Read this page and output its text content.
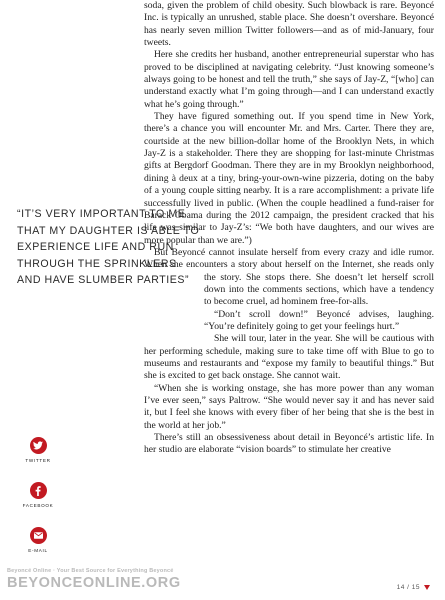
soda, given the problem of child obesity. Such blowback is rare. Beyoncé Inc. is typically an unrushed, stable place. She doesn’t overshare. Beyoncé has nearly seven million Twitter followers—and as of mid-January, four tweets.

Here she credits her husband, another entrepreneurial superstar who has proved to be disciplined at navigating celebrity. “Just knowing someone’s always going to be honest and tell the truth,” she says of Jay-Z, “[who] can understand exactly what I’m going through—and I can understand exactly what he’s going through.”

They have figured something out. If you spend time in New York, there’s a chance you will encounter Mr. and Mrs. Carter. There they are, courtside at the new billion-dollar home of the Brooklyn Nets, in which Jay-Z is a stakeholder. There they are shopping for last-minute Christmas gifts at Bergdorf Goodman. There they are in my Brooklyn neighborhood, dining à deux at a tiny, bring-your-own-wine pizzeria, doting on the baby of a young couple sitting nearby. It is a rare accomplishment: a private life successfully lived in public. (When the couple headlined a fund-raiser for Barack Obama during the 2012 campaign, the president cracked that his life was similar to Jay-Z’s: “We both have daughters, and our wives are more popular than we are.”)

But Beyoncé cannot insulate herself from every crazy and idle rumor. When she encounters a story about herself on the Internet, she reads only the story. She stops there. She doesn’t let herself scroll down into the comments sections, which have a tendency to become cruel, ad hominem free-for-alls.

“Don’t scroll down!” Beyoncé advises, laughing. “You’re definitely going to get your feelings hurt.”

She will tour, later in the year. She will be cautious with her performing schedule, making sure to take time off with Blue to go to museums and restaurants and “expose my family to beautiful things.” But she is excited to get back onstage. She cannot wait.

“When she is working onstage, she has more power than any woman I’ve ever seen,” says Paltrow. “She would never say it and has never said it, but I feel she knows with every fiber of her being that she is the best in the world at her job.”

There’s still an obsessiveness about detail in Beyoncé’s artistic life. In her studio are elaborate “vision boards” to stimulate her creative

“IT’S VERY IMPORTANT TO ME THAT MY DAUGHTER IS ABLE TO EXPERIENCE LIFE AND RUN THROUGH THE SPRINKLERS AND HAVE SLUMBER PARTIES”
TWITTER
FACEBOOK
E-MAIL
Beyoncé Online · Your Best Source for Everything Beyoncé
BEYONCEONLINE.ORG	14 / 15
